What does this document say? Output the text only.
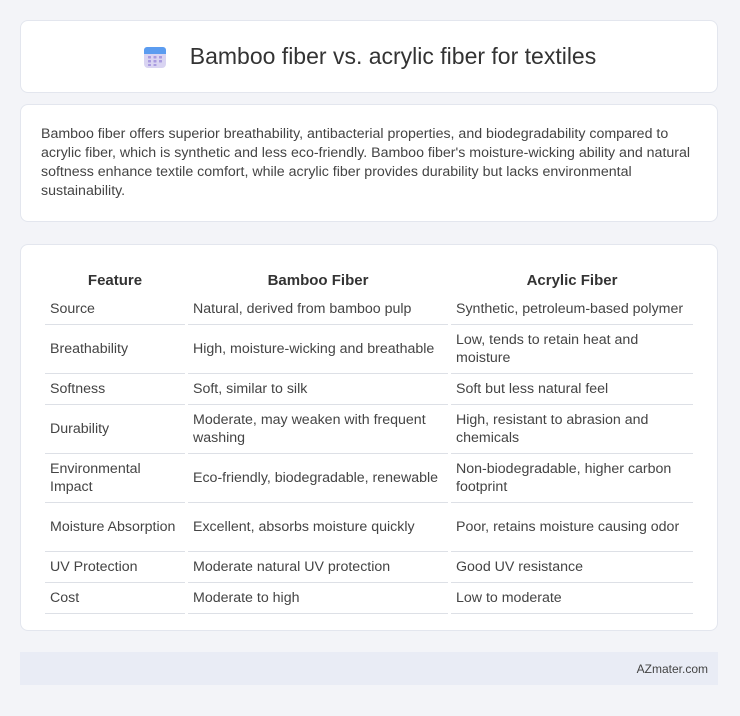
Bamboo fiber vs. acrylic fiber for textiles

Bamboo fiber offers superior breathability, antibacterial properties, and biodegradability compared to acrylic fiber, which is synthetic and less eco-friendly. Bamboo fiber's moisture-wicking ability and natural softness enhance textile comfort, while acrylic fiber provides durability but lacks environmental sustainability.

Feature	Bamboo Fiber	Acrylic Fiber
Source	Natural, derived from bamboo pulp	Synthetic, petroleum-based polymer
Breathability	High, moisture-wicking and breathable	Low, tends to retain heat and moisture
Softness	Soft, similar to silk	Soft but less natural feel
Durability	Moderate, may weaken with frequent washing	High, resistant to abrasion and chemicals
Environmental Impact	Eco-friendly, biodegradable, renewable	Non-biodegradable, higher carbon footprint
Moisture Absorption	Excellent, absorbs moisture quickly	Poor, retains moisture causing odor
UV Protection	Moderate natural UV protection	Good UV resistance
Cost	Moderate to high	Low to moderate
AZmater.com
